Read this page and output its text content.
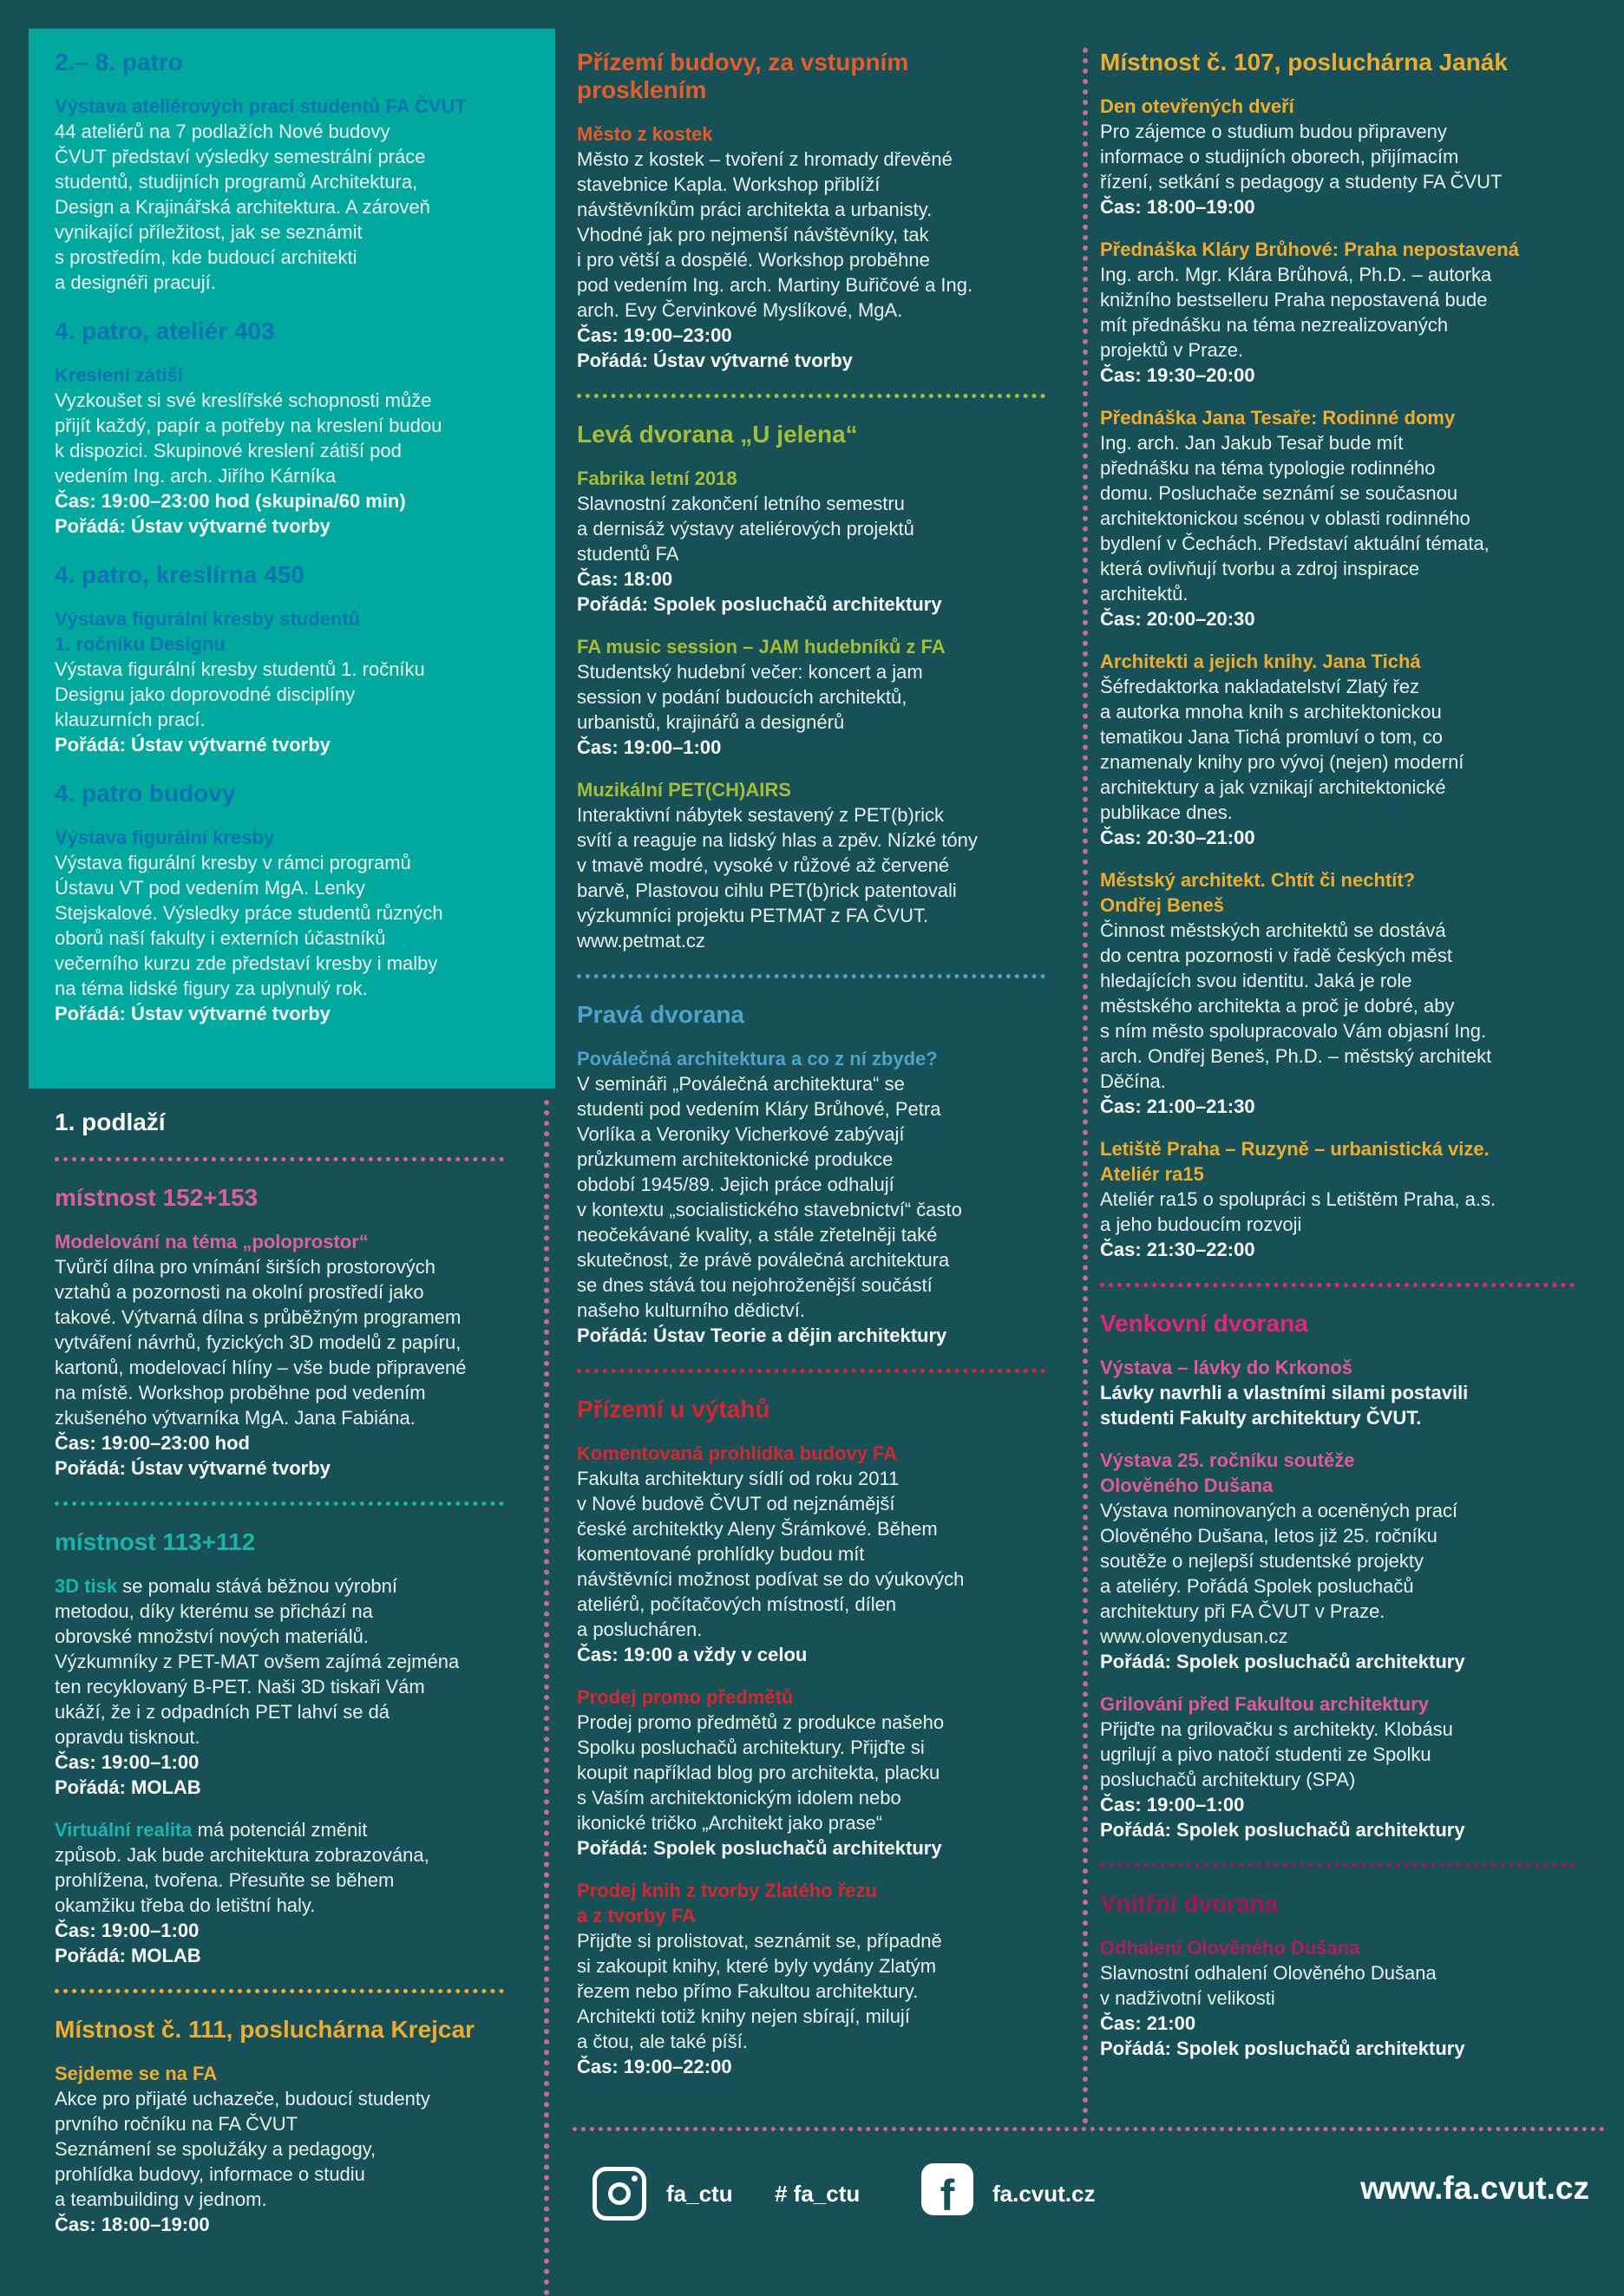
2.– 8. patro
Výstava ateliérových prací studentů FA ČVUT
44 ateliérů na 7 podlažích Nové budovy
ČVUT představí výsledky semestrální práce
studentů, studijních programů Architektura,
Design a Krajinářská architektura. A zároveň
vynikající příležitost, jak se seznámit
s prostředím, kde budoucí architekti
a designéři pracují.
4. patro, ateliér 403
Kreslení zátiší
Vyzkoušet si své kreslířské schopnosti může
přijít každý, papír a potřeby na kreslení budou
k dispozici. Skupinové kreslení zátiší pod
vedením Ing. arch. Jiřího Kárníka
Čas: 19:00–23:00 hod (skupina/60 min)
Pořádá: Ústav výtvarné tvorby
4. patro, kreslírna 450
Výstava figurální kresby studentů
1. ročníku Designu
Výstava figurální kresby studentů 1. ročníku
Designu jako doprovodné disciplíny
klauzurních prací.
Pořádá: Ústav výtvarné tvorby
4. patro budovy
Výstava figurální kresby
Výstava figurální kresby v rámci programů
Ústavu VT pod vedením MgA. Lenky
Stejskalové. Výsledky práce studentů různých
oborů naší fakulty i externích účastníků
večerního kurzu zde představí kresby i malby
na téma lidské figury za uplynulý rok.
Pořádá: Ústav výtvarné tvorby
1. podlaží
místnost 152+153
Modelování na téma „poloprostor“
Tvůrčí dílna pro vnímání širších prostorových
vztahů a pozornosti na okolní prostředí jako
takové. Výtvarná dílna s průběžným programem
vytváření návrhů, fyzických 3D modelů z papíru,
kartonů, modelovací hlíny – vše bude připravené
na místě. Workshop proběhne pod vedením
zkušeného výtvarníka MgA. Jana Fabiána.
Čas: 19:00–23:00 hod
Pořádá: Ústav výtvarné tvorby
místnost 113+112
3D tisk se pomalu stává běžnou výrobní
metodou, díky kterému se přichází na
obrovské množství nových materiálů.
Výzkumníky z PET-MAT ovšem zajímá zejména
ten recyklovaný B-PET. Naši 3D tiskaři Vám
ukáží, že i z odpadních PET lahví se dá
opravdu tisknout.
Čas: 19:00–1:00
Pořádá: MOLAB
Virtuální realita má potenciál změnit
způsob. Jak bude architektura zobrazována,
prohlížena, tvořena. Přesuňte se během
okamžiku třeba do letištní haly.
Čas: 19:00–1:00
Pořádá: MOLAB
Místnost č. 111, posluchárna Krejcar
Sejdeme se na FA
Akce pro přijaté uchazeče, budoucí studenty
prvního ročníku na FA ČVUT
Seznámení se spolužáky a pedagogy,
prohlídka budovy, informace o studiu
a teambuilding v jednom.
Čas: 18:00–19:00
Přízemí budovy, za vstupním
prosklením
Město z kostek
Město z kostek – tvoření z hromady dřevěné
stavebnice Kapla. Workshop přiblíží
návštěvníkům práci architekta a urbanisty.
Vhodné jak pro nejmenší návštěvníky, tak
i pro větší a dospělé. Workshop proběhne
pod vedením Ing. arch. Martiny Buřičové a Ing.
arch. Evy Červinkové Myslíkové, MgA.
Čas: 19:00–23:00
Pořádá: Ústav výtvarné tvorby
Levá dvorana „U jelena“
Fabrika letní 2018
Slavnostní zakončení letního semestru
a dernisáž výstavy ateliérových projektů
studentů FA
Čas: 18:00
Pořádá: Spolek posluchačů architektury
FA music session – JAM hudebníků z FA
Studentský hudební večer: koncert a jam
session v podání budoucích architektů,
urbanistů, krajinářů a designérů
Čas: 19:00–1:00
Muzikální PET(CH)AIRS
Interaktivní nábytek sestavený z PET(b)rick
svítí a reaguje na lidský hlas a zpěv. Nízké tóny
v tmavě modré, vysoké v růžové až červené
barvě, Plastovou cihlu PET(b)rick patentovali
výzkumníci projektu PETMAT z FA ČVUT.
www.petmat.cz
Pravá dvorana
Poválečná architektura a co z ní zbyde?
V semináři „Poválečná architektura“ se
studenti pod vedením Kláry Brůhové, Petra
Vorlíka a Veroniky Vicherkové zabývají
průzkumem architektonické produkce
období 1945/89. Jejich práce odhalují
v kontextu „socialistického stavebnictví“ často
neočekávané kvality, a stále zřetelněji také
skutečnost, že právě poválečná architektura
se dnes stává tou nejohroženější součástí
našeho kulturního dědictví.
Pořádá: Ústav Teorie a dějin architektury
Přízemí u výtahů
Komentovaná prohlídka budovy FA
Fakulta architektury sídlí od roku 2011
v Nové budově ČVUT od nejznámější
české architektky Aleny Šrámkové. Během
komentované prohlídky budou mít
návštěvníci možnost podívat se do výukových
ateliérů, počítačových místností, dílen
a poslucháren.
Čas: 19:00 a vždy v celou
Prodej promo předmětů
Prodej promo předmětů z produkce našeho
Spolku posluchačů architektury. Přijďte si
koupit například blog pro architekta, placku
s Vaším architektonickým idolem nebo
ikonické tričko „Architekt jako prase“
Pořádá: Spolek posluchačů architektury
Prodej knih z tvorby Zlatého řezu
a z tvorby FA
Přijďte si prolistovat, seznámit se, případně
si zakoupit knihy, které byly vydány Zlatým
řezem nebo přímo Fakultou architektury.
Architekti totiž knihy nejen sbírají, milují
a čtou, ale také píší.
Čas: 19:00–22:00
Místnost č. 107, posluchárna Janák
Den otevřených dveří
Pro zájemce o studium budou připraveny
informace o studijních oborech, přijímacím
řízení, setkání s pedagogy a studenty FA ČVUT
Čas: 18:00–19:00
Přednáška Kláry Brůhové: Praha nepostavená
Ing. arch. Mgr. Klára Brůhová, Ph.D. – autorka
knižního bestselleru Praha nepostavená bude
mít přednášku na téma nezrealizovaných
projektů v Praze.
Čas: 19:30–20:00
Přednáška Jana Tesaře: Rodinné domy
Ing. arch. Jan Jakub Tesař bude mít
přednášku na téma typologie rodinného
domu. Posluchače seznámí se současnou
architektonickou scénou v oblasti rodinného
bydlení v Čechách. Představí aktuální témata,
která ovlivňují tvorbu a zdroj inspirace
architektů.
Čas: 20:00–20:30
Architekti a jejich knihy. Jana Tichá
Šéfredaktorka nakladatelství Zlatý řez
a autorka mnoha knih s architektonickou
tematikou Jana Tichá promluví o tom, co
znamenaly knihy pro vývoj (nejen) moderní
architektury a jak vznikají architektonické
publikace dnes.
Čas: 20:30–21:00
Městský architekt. Chtít či nechtít?
Ondřej Beneš
Činnost městských architektů se dostává
do centra pozornosti v řadě českých měst
hledajících svou identitu. Jaká je role
městského architekta a proč je dobré, aby
s ním město spolupracovalo Vám objasní Ing.
arch. Ondřej Beneš, Ph.D. – městský architekt
Děčína.
Čas: 21:00–21:30
Letiště Praha – Ruzyně – urbanistická vize.
Ateliér ra15
Ateliér ra15 o spolupráci s Letištěm Praha, a.s.
a jeho budoucím rozvoji
Čas: 21:30–22:00
Venkovní dvorana
Výstava – lávky do Krkonoš
Lávky navrhli a vlastními silami postavili
studenti Fakulty architektury ČVUT.
Výstava 25. ročníku soutěže
Olověného Dušana
Výstava nominovaných a oceněných prací
Olověného Dušana, letos již 25. ročníku
soutěže o nejlepší studentské projekty
a ateliéry. Pořádá Spolek posluchačů
architektury při FA ČVUT v Praze.
www.olovenydusan.cz
Pořádá: Spolek posluchačů architektury
Grilování před Fakultou architektury
Přijďte na grilovačku s architekty. Klobásu
ugrilují a pivo natočí studenti ze Spolku
posluchačů architektury (SPA)
Čas: 19:00–1:00
Pořádá: Spolek posluchačů architektury
Vnitřní dvorana
Odhalení Olověného Dušana
Slavnostní odhalení Olověného Dušana
v nadživotní velikosti
Čas: 21:00
Pořádá: Spolek posluchačů architektury
fa_ctu # fa_ctu	f	fa.cvut.cz	www.fa.cvut.cz
